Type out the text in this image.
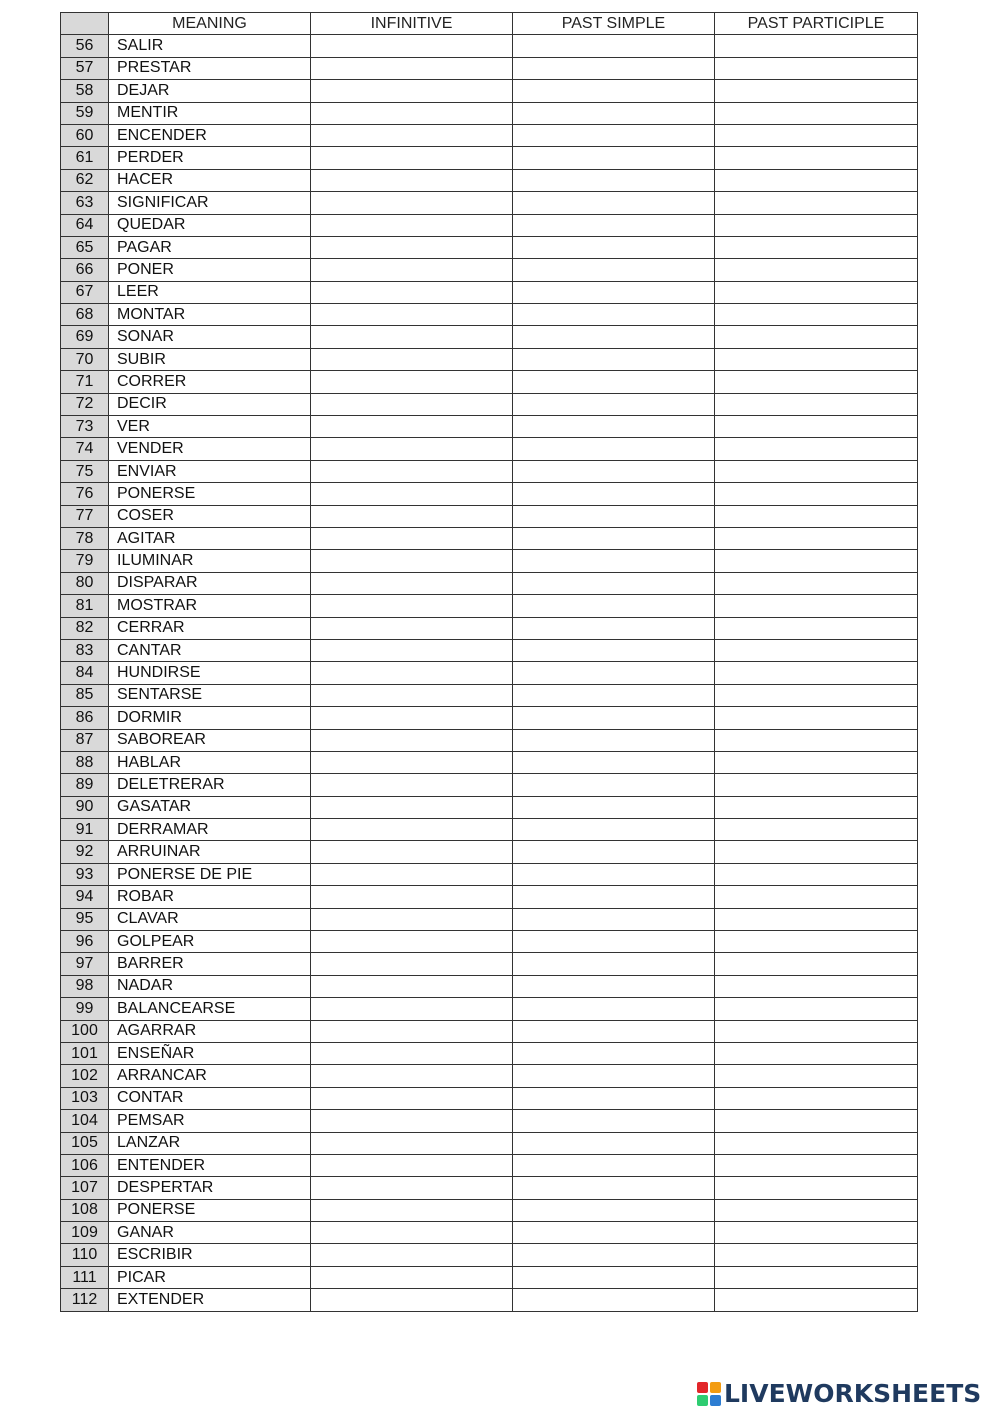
	MEANING	INFINITIVE	PAST SIMPLE	PAST PARTICIPLE
56	SALIR			
57	PRESTAR			
58	DEJAR			
59	MENTIR			
60	ENCENDER			
61	PERDER			
62	HACER			
63	SIGNIFICAR			
64	QUEDAR			
65	PAGAR			
66	PONER			
67	LEER			
68	MONTAR			
69	SONAR			
70	SUBIR			
71	CORRER			
72	DECIR			
73	VER			
74	VENDER			
75	ENVIAR			
76	PONERSE			
77	COSER			
78	AGITAR			
79	ILUMINAR			
80	DISPARAR			
81	MOSTRAR			
82	CERRAR			
83	CANTAR			
84	HUNDIRSE			
85	SENTARSE			
86	DORMIR			
87	SABOREAR			
88	HABLAR			
89	DELETRERAR			
90	GASATAR			
91	DERRAMAR			
92	ARRUINAR			
93	PONERSE DE PIE			
94	ROBAR			
95	CLAVAR			
96	GOLPEAR			
97	BARRER			
98	NADAR			
99	BALANCEARSE			
100	AGARRAR			
101	ENSEÑAR			
102	ARRANCAR			
103	CONTAR			
104	PEMSAR			
105	LANZAR			
106	ENTENDER			
107	DESPERTAR			
108	PONERSE			
109	GANAR			
110	ESCRIBIR			
111	PICAR			
112	EXTENDER			
LIVEWORKSHEETS
